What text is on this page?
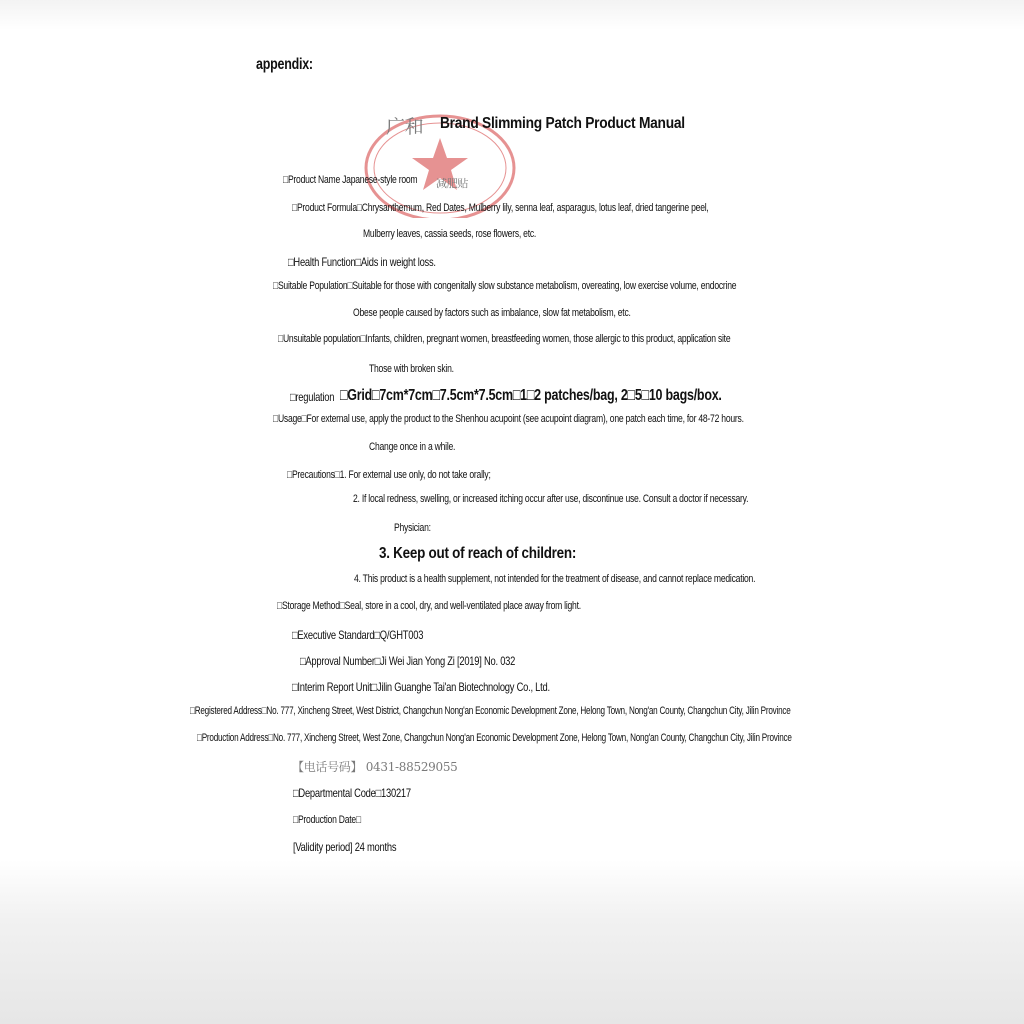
appendix:
广和 Brand Slimming Patch Product Manual
□Product Name Japanese-style room	减肥贴
□Product Formula□Chrysanthemum, Red Dates, Mulberry lily, senna leaf, asparagus, lotus leaf, dried tangerine peel,
Mulberry leaves, cassia seeds, rose flowers, etc.
□Health Function□Aids in weight loss.
□Suitable Population□Suitable for those with congenitally slow substance metabolism, overeating, low exercise volume, endocrine
Obese people caused by factors such as imbalance, slow fat metabolism, etc.
□Unsuitable population□Infants, children, pregnant women, breastfeeding women, those allergic to this product, application site
Those with broken skin.
□regulation □Grid□7cm*7cm□7.5cm*7.5cm□1□2 patches/bag, 2□5□10 bags/box.
□Usage□For external use, apply the product to the Shenhou acupoint (see acupoint diagram), one patch each time, for 48-72 hours.
Change once in a while.
□Precautions□1. For external use only, do not take orally;
2. If local redness, swelling, or increased itching occur after use, discontinue use. Consult a doctor if necessary.
Physician:
3. Keep out of reach of children:
4. This product is a health supplement, not intended for the treatment of disease, and cannot replace medication.
□Storage Method□Seal, store in a cool, dry, and well-ventilated place away from light.
□Executive Standard□Q/GHT003
□Approval Number□Ji Wei Jian Yong Zi [2019] No. 032
□Interim Report Unit□Jilin Guanghe Tai'an Biotechnology Co., Ltd.
□Registered Address□No. 777, Xincheng Street, West District, Changchun Nong'an Economic Development Zone, Helong Town, Nong'an County, Changchun City, Jilin Province
□Production Address□No. 777, Xincheng Street, West Zone, Changchun Nong'an Economic Development Zone, Helong Town, Nong'an County, Changchun City, Jilin Province
【电话号码】 0431-88529055
□Departmental Code□130217
□Production Date□
[Validity period] 24 months
